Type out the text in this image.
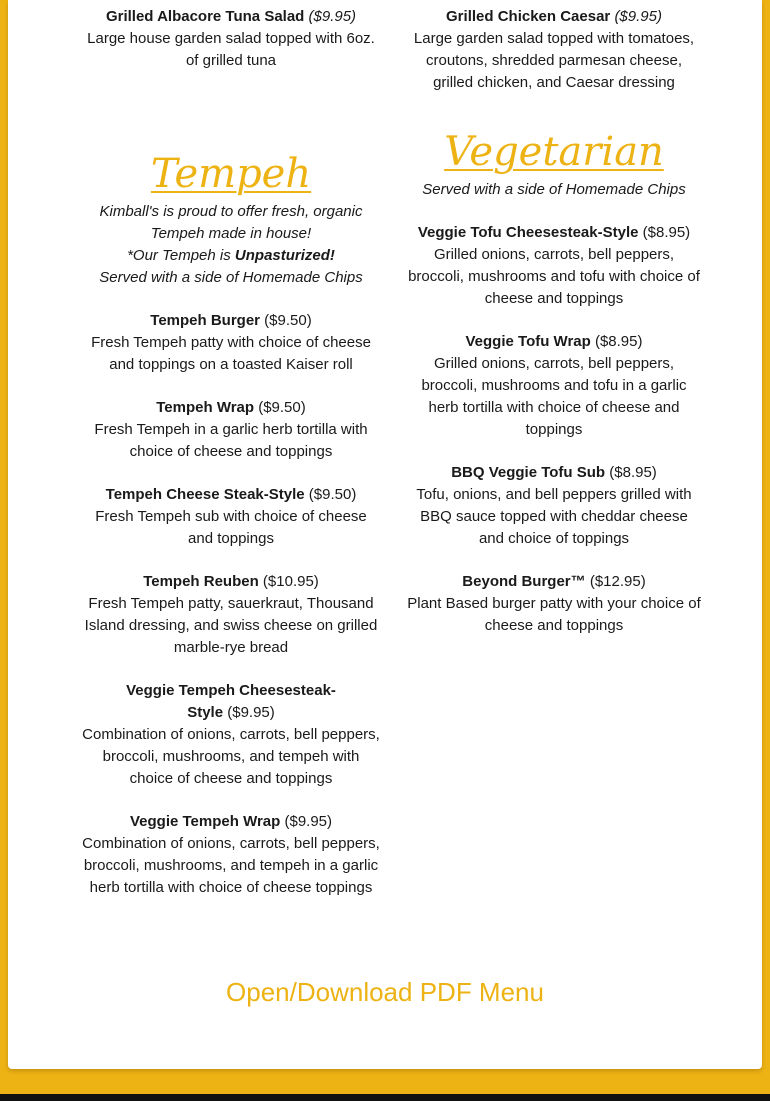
Grilled Albacore Tuna Salad ($9.95)

Large house garden salad topped with 6oz. of grilled tuna

Tempeh

Kimball's is proud to offer fresh, organic

Tempeh made in house!

*Our Tempeh is Unpasturized!

Served with a side of Homemade Chips

Tempeh Burger ($9.50)

Fresh Tempeh patty with choice of cheese and toppings on a toasted Kaiser roll

Tempeh Wrap ($9.50)

Fresh Tempeh in a garlic herb tortilla with choice of cheese and toppings

Tempeh Cheese Steak-Style ($9.50)

Fresh Tempeh sub with choice of cheese and toppings

Tempeh Reuben ($10.95)

Fresh Tempeh patty, sauerkraut, Thousand Island dressing, and swiss cheese on grilled marble-rye bread

Veggie Tempeh Cheesesteak-Style ($9.95)

Combination of onions, carrots, bell peppers, broccoli, mushrooms, and tempeh with choice of cheese and toppings

Veggie Tempeh Wrap ($9.95)

Combination of onions, carrots, bell peppers, broccoli, mushrooms, and tempeh in a garlic herb tortilla with choice of cheese toppings

Grilled Chicken Caesar ($9.95)

Large garden salad topped with tomatoes, croutons, shredded parmesan cheese, grilled chicken, and Caesar dressing

Vegetarian

Served with a side of Homemade Chips

Veggie Tofu Cheesesteak-Style ($8.95)

Grilled onions, carrots, bell peppers, broccoli, mushrooms and tofu with choice of cheese and toppings

Veggie Tofu Wrap ($8.95)

Grilled onions, carrots, bell peppers, broccoli, mushrooms and tofu in a garlic herb tortilla with choice of cheese and toppings

BBQ Veggie Tofu Sub ($8.95)

Tofu, onions, and bell peppers grilled with BBQ sauce topped with cheddar cheese and choice of toppings

Beyond Burger™ ($12.95)

Plant Based burger patty with your choice of cheese and toppings

Open/Download PDF Menu
